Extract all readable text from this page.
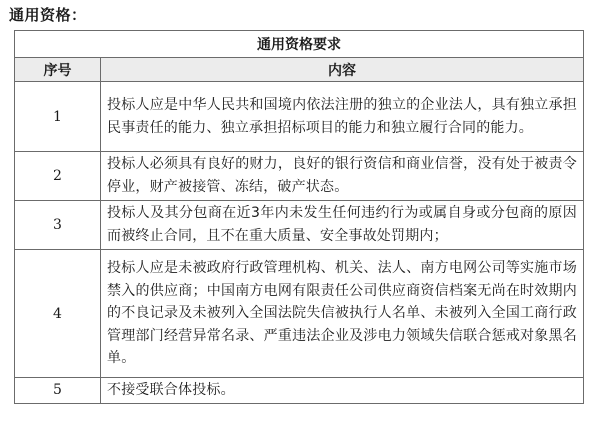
通用资格：
通用资格要求	
序号	内容
1	投标人应是中华人民共和国境内依法注册的独立的企业法人，具有独立承担民事责任的能力、独立承担招标项目的能力和独立履行合同的能力。
2	投标人必须具有良好的财力，良好的银行资信和商业信誉，没有处于被责令停业，财产被接管、冻结，破产状态。
3	投标人及其分包商在近3年内未发生任何违约行为或属自身或分包商的原因而被终止合同，且不在重大质量、安全事故处罚期内；
4	投标人应是未被政府行政管理机构、机关、法人、南方电网公司等实施市场禁入的供应商；中国南方电网有限责任公司供应商资信档案无尚在时效期内的不良记录及未被列入全国法院失信被执行人名单、未被列入全国工商行政管理部门经营异常名录、严重违法企业及涉电力领域失信联合惩戒对象黑名单。
5	不接受联合体投标。
